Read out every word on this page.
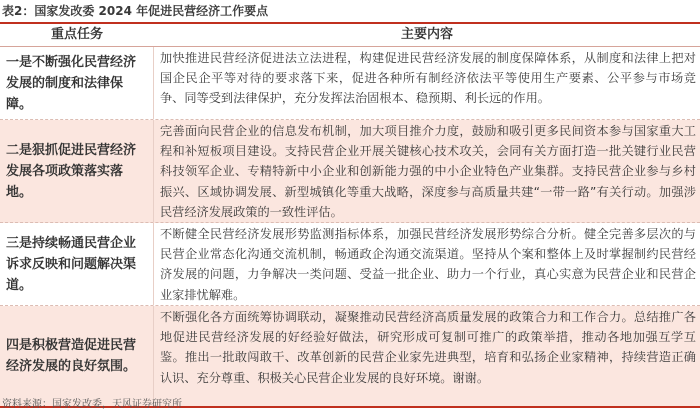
表2：国家发改委 2024 年促进民营经济工作要点
重点任务	主要内容
一是不断强化民营经济发展的制度和法律保障。
加快推进民营经济促进法立法进程，构建促进民营经济发展的制度保障体系，从制度和法律上把对国企民企平等对待的要求落下来，促进各种所有制经济依法平等使用生产要素、公平参与市场竞争、同等受到法律保护，充分发挥法治固根本、稳预期、利长远的作用。
二是狠抓促进民营经济发展各项政策落实落地。
完善面向民营企业的信息发布机制，加大项目推介力度，鼓励和吸引更多民间资本参与国家重大工程和补短板项目建设。支持民营企业开展关键核心技术攻关，会同有关方面打造一批关键行业民营科技领军企业、专精特新中小企业和创新能力强的中小企业特色产业集群。支持民营企业参与乡村振兴、区域协调发展、新型城镇化等重大战略，深度参与高质量共建“一带一路”有关行动。加强涉民营经济发展政策的一致性评估。
三是持续畅通民营企业诉求反映和问题解决渠道。
不断健全民营经济发展形势监测指标体系，加强民营经济发展形势综合分析。健全完善多层次的与民营企业常态化沟通交流机制，畅通政企沟通交流渠道。坚持从个案和整体上及时掌握制约民营经济发展的问题，力争解决一类问题、受益一批企业、助力一个行业，真心实意为民营企业和民营企业家排忧解难。
四是积极营造促进民营经济发展的良好氛围。
不断强化各方面统筹协调联动，凝聚推动民营经济高质量发展的政策合力和工作合力。总结推广各地促进民营经济发展的好经验好做法，研究形成可复制可推广的政策举措，推动各地加强互学互鉴。推出一批敢闯敢干、改革创新的民营企业家先进典型，培育和弘扬企业家精神，持续营造正确认识、充分尊重、积极关心民营企业发展的良好环境。谢谢。
资料来源：国家发改委，天风证券研究所
